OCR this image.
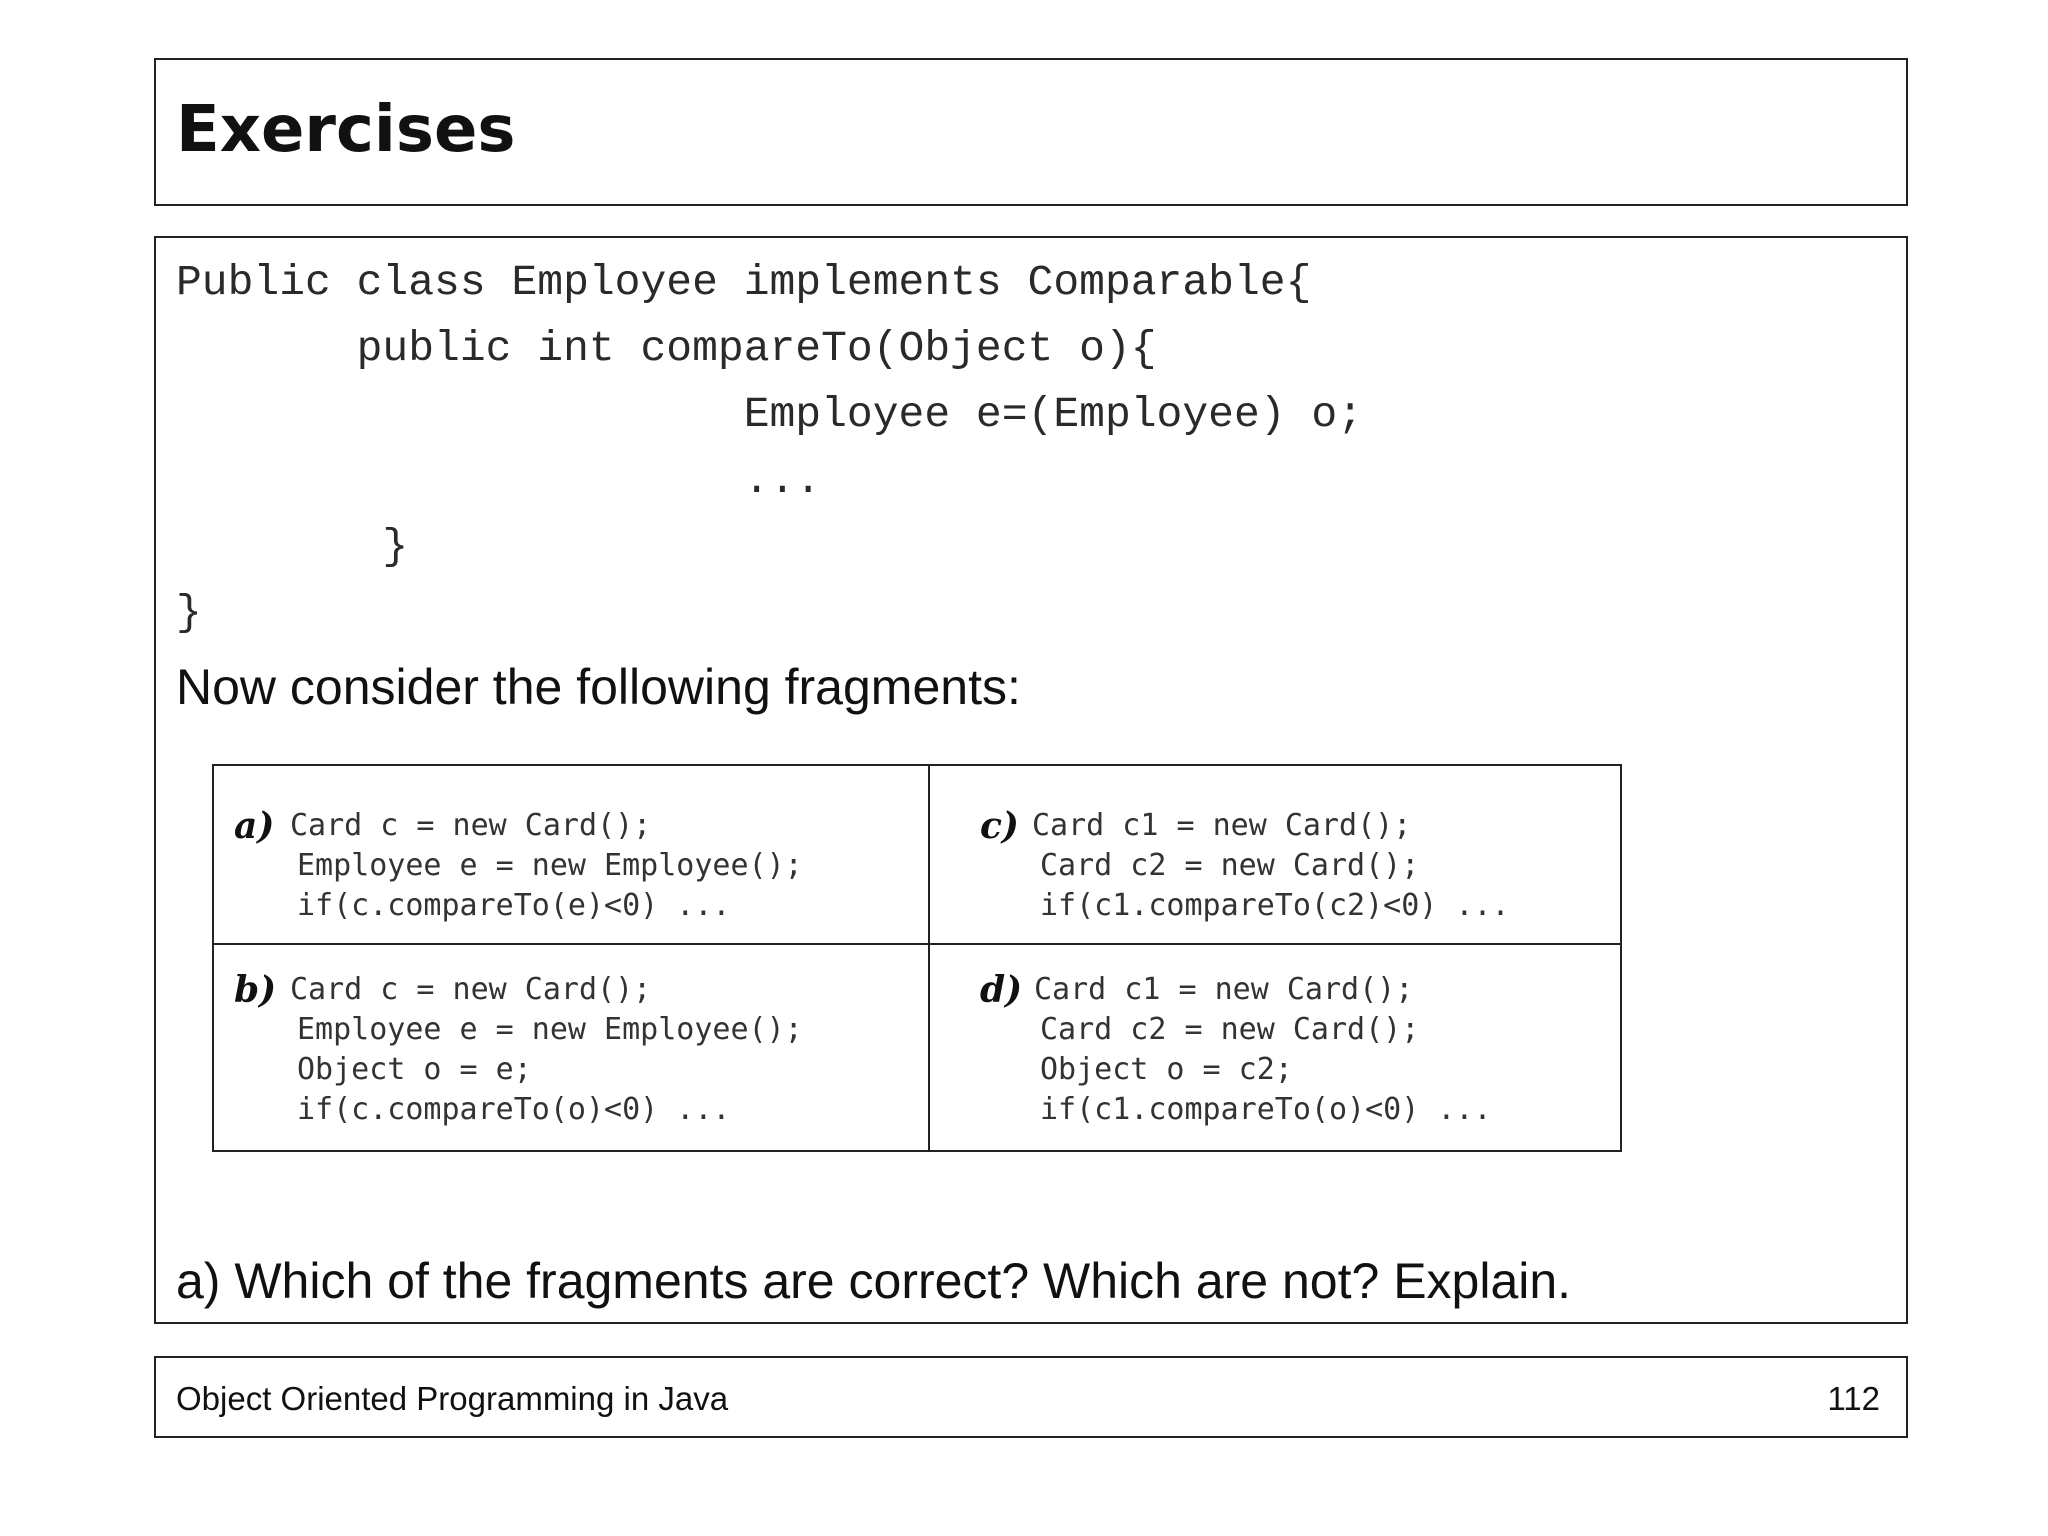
Exercises
Public class Employee implements Comparable{
public int compareTo(Object o){
Employee e=(Employee) o;
...
}
}

Now consider the following fragments:

a) Card c = new Card();
Employee e = new Employee();
if(c.compareTo(e)<0) ...
c) Card c1 = new Card();
Card c2 = new Card();
if(c1.compareTo(c2)<0) ...
b) Card c = new Card();
Employee e = new Employee();
Object o = e;
if(c.compareTo(o)<0) ...
d) Card c1 = new Card();
Card c2 = new Card();
Object o = c2;
if(c1.compareTo(o)<0) ...

a) Which of the fragments are correct? Which are not? Explain.

Object Oriented Programming in Java	112
